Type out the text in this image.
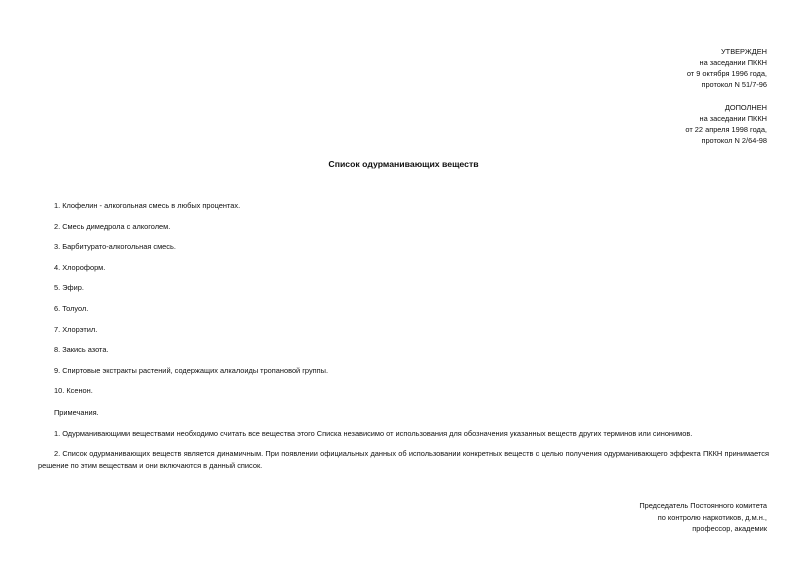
УТВЕРЖДЕН
на заседании ПККН
от 9 октября 1996 года,
протокол N 51/7-96
ДОПОЛНЕН
на заседании ПККН
от 22 апреля 1998 года,
протокол N 2/64-98
Список одурманивающих веществ
1. Клофелин - алкогольная смесь в любых процентах.
2. Смесь димедрола с алкоголем.
3. Барбитурато-алкогольная смесь.
4. Хлороформ.
5. Эфир.
6. Толуол.
7. Хлорэтил.
8. Закись азота.
9. Спиртовые экстракты растений, содержащих алкалоиды тропановой группы.
10. Ксенон.

Примечания.

1. Одурманивающими веществами необходимо считать все вещества этого Списка независимо от использования для обозначения указанных веществ других терминов или синонимов.

2. Список одурманивающих веществ является динамичным. При появлении официальных данных об использовании конкретных веществ с целью получения одурманивающего эффекта ПККН принимается решение по этим веществам и они включаются в данный список.

Председатель Постоянного комитета
по контролю наркотиков, д.м.н.,
профессор, академик
